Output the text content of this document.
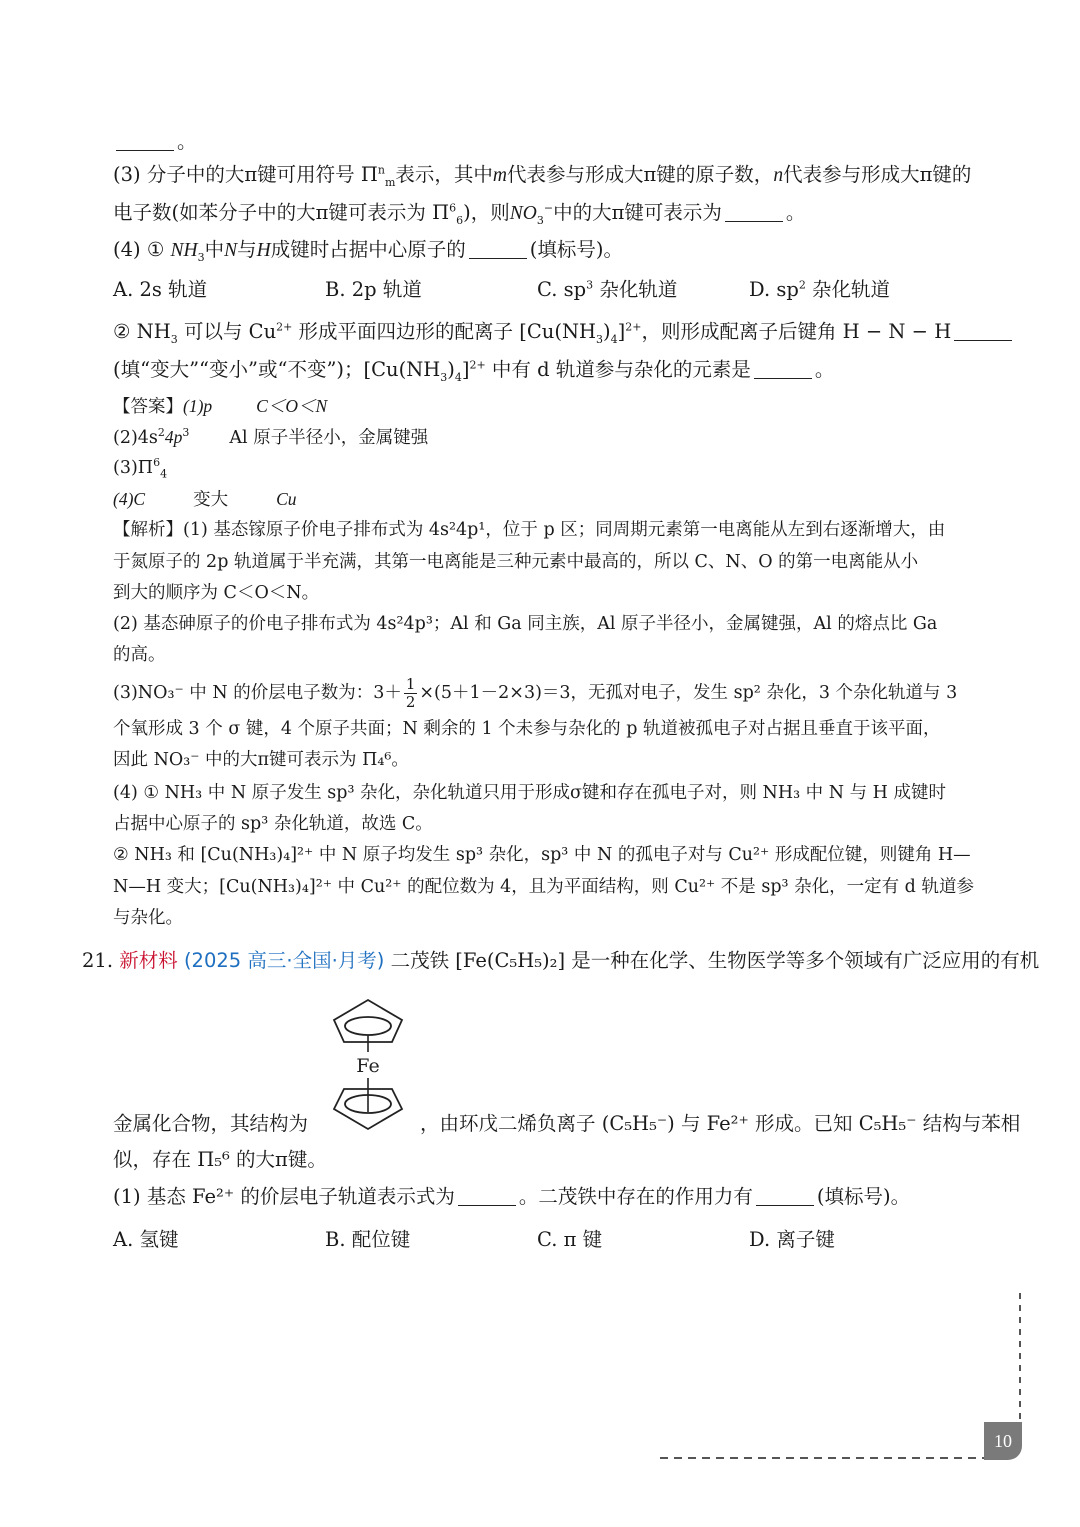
。
(3) 分子中的大π键可用符号 $\Pi^n_m$表示，其中m代表参与形成大π键的原子数，n代表参与形成大π键的
电子数(如苯分子中的大π键可表示为 $\Pi^6_6$)，则$NO_3^-$中的大π键可表示为	。
(4) ① $NH_3$中N与H成键时占据中心原子的	(填标号)。
A. 2s 轨道	B. 2p 轨道	C. $sp^3$ 杂化轨道	D. $sp^2$ 杂化轨道
② $NH_3$ 可以与 $Cu^{2+}$ 形成平面四边形的配离子 $[Cu(NH_3)_4]^{2+}$，则形成配离子后键角 H − N − H
(填“变大”“变小”或“不变”)；$[Cu(NH_3)_4]^{2+}$ 中有 d 轨道参与杂化的元素是	。
【答案】(1)p	C＜O＜N
$(2)4s^24p^3$ Al 原子半径小，金属键强
$(3)\Pi^6_4$
(4)C	变大	Cu
【解析】(1) 基态镓原子价电子排布式为 4s²4p¹，位于 p 区；同周期元素第一电离能从左到右逐渐增大，由
于氮原子的 2p 轨道属于半充满，其第一电离能是三种元素中最高的，所以 C、N、O 的第一电离能从小
到大的顺序为 C＜O＜N。
(2) 基态砷原子的价电子排布式为 4s²4p³；Al 和 Ga 同主族，Al 原子半径小，金属键强，Al 的熔点比 Ga
的高。
(3)NO₃⁻ 中 N 的价层电子数为：$3+ \frac{1}{2} \times(5+1-2\times 3)=3$，无孤对电子，发生 sp² 杂化，3 个杂化轨道与 3
个氧形成 3 个 σ 键，4 个原子共面；N 剩余的 1 个未参与杂化的 p 轨道被孤电子对占据且垂直于该平面，
因此 NO₃⁻ 中的大π键可表示为 Π₄⁶。
(4) ① NH₃ 中 N 原子发生 sp³ 杂化，杂化轨道只用于形成σ键和存在孤电子对，则 NH₃ 中 N 与 H 成键时
占据中心原子的 sp³ 杂化轨道，故选 C。
② NH₃ 和 [Cu(NH₃)₄]²⁺ 中 N 原子均发生 sp³ 杂化，sp³ 中 N 的孤电子对与 Cu²⁺ 形成配位键，则键角 H—
N—H 变大；[Cu(NH₃)₄]²⁺ 中 Cu²⁺ 的配位数为 4，且为平面结构，则 Cu²⁺ 不是 sp³ 杂化，一定有 d 轨道参
与杂化。
21. 新材料 (2025 高三·全国·月考) 二茂铁 [Fe(C₅H₅)₂] 是一种在化学、生物医学等多个领域有广泛应用的有机
Fe
金属化合物，其结构为	，由环戊二烯负离子 (C₅H₅⁻) 与 Fe²⁺ 形成。已知 C₅H₅⁻ 结构与苯相
似，存在 Π₅⁶ 的大π键。
(1) 基态 Fe²⁺ 的价层电子轨道表示式为	。二茂铁中存在的作用力有	(填标号)。
A. 氢键	B. 配位键	C. π 键	D. 离子键
10
